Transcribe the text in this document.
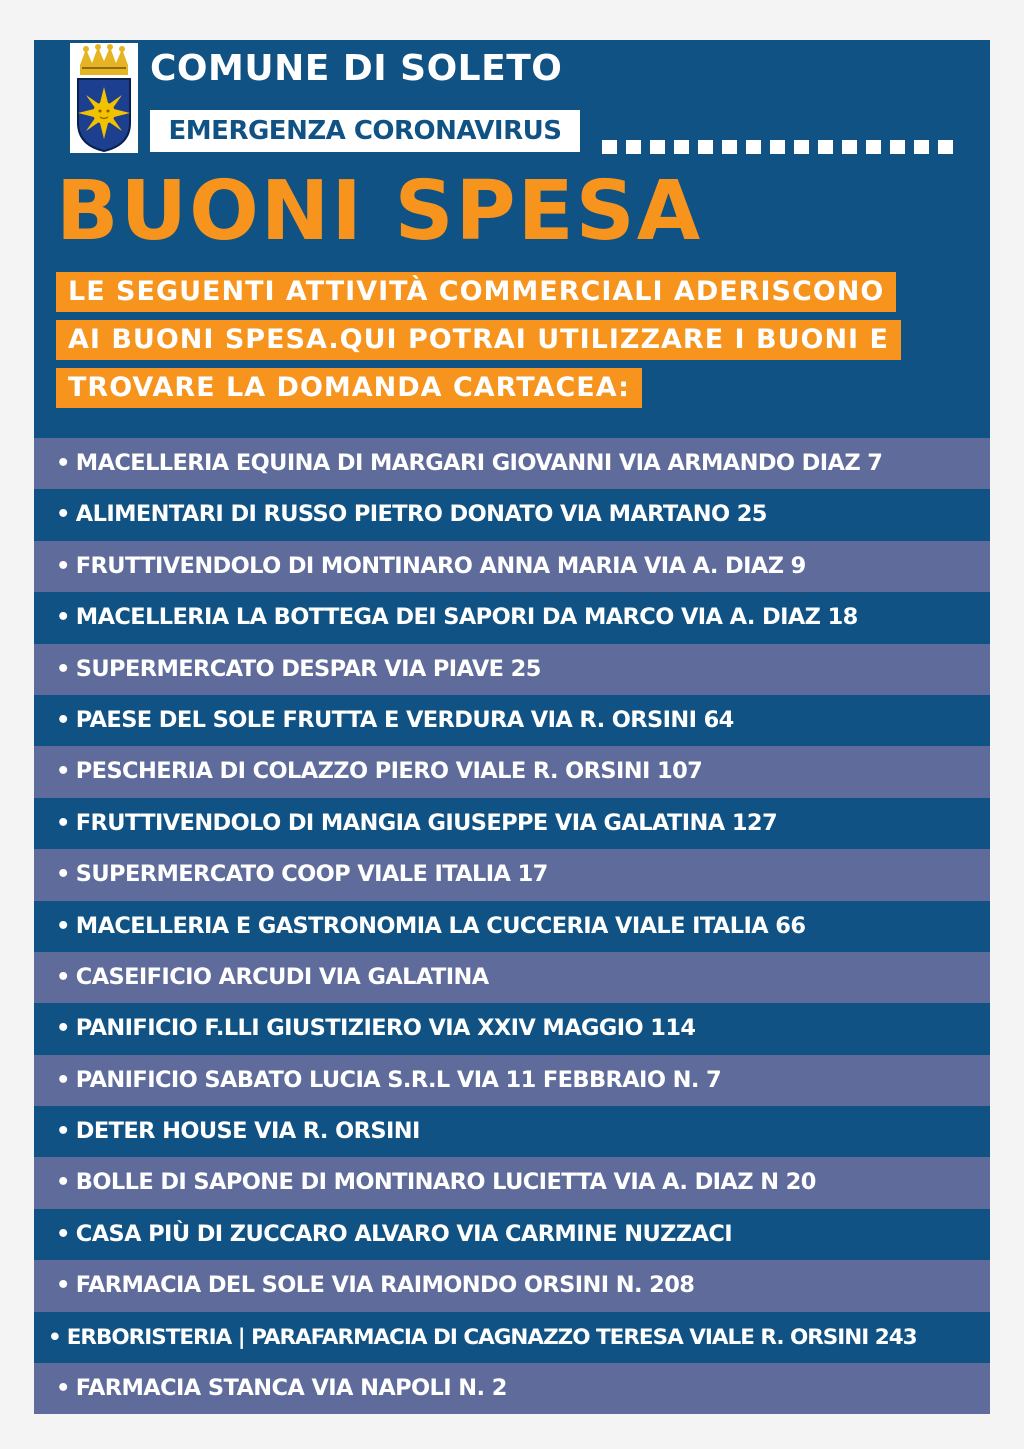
COMUNE DI SOLETO
EMERGENZA CORONAVIRUS
BUONI SPESA
LE SEGUENTI ATTIVITÀ COMMERCIALI ADERISCONO
AI BUONI SPESA.QUI POTRAI UTILIZZARE I BUONI E
TROVARE LA DOMANDA CARTACEA:
• MACELLERIA EQUINA DI MARGARI GIOVANNI VIA ARMANDO DIAZ 7
• ALIMENTARI DI RUSSO PIETRO DONATO VIA MARTANO 25
• FRUTTIVENDOLO DI MONTINARO ANNA MARIA VIA A. DIAZ 9
• MACELLERIA LA BOTTEGA DEI SAPORI DA MARCO VIA A. DIAZ 18
• SUPERMERCATO DESPAR VIA PIAVE 25
• PAESE DEL SOLE FRUTTA E VERDURA VIA R. ORSINI 64
• PESCHERIA DI COLAZZO PIERO VIALE R. ORSINI 107
• FRUTTIVENDOLO DI MANGIA GIUSEPPE VIA GALATINA 127
• SUPERMERCATO COOP VIALE ITALIA 17
• MACELLERIA E GASTRONOMIA LA CUCCERIA VIALE ITALIA 66
• CASEIFICIO ARCUDI VIA GALATINA
• PANIFICIO F.LLI GIUSTIZIERO VIA XXIV MAGGIO 114
• PANIFICIO SABATO LUCIA S.R.L VIA 11 FEBBRAIO N. 7
• DETER HOUSE VIA R. ORSINI
• BOLLE DI SAPONE DI MONTINARO LUCIETTA VIA A. DIAZ N 20
• CASA PIÙ DI ZUCCARO ALVARO VIA CARMINE NUZZACI
• FARMACIA DEL SOLE VIA RAIMONDO ORSINI N. 208
• ERBORISTERIA | PARAFARMACIA DI CAGNAZZO TERESA VIALE R. ORSINI 243
• FARMACIA STANCA VIA NAPOLI N. 2
